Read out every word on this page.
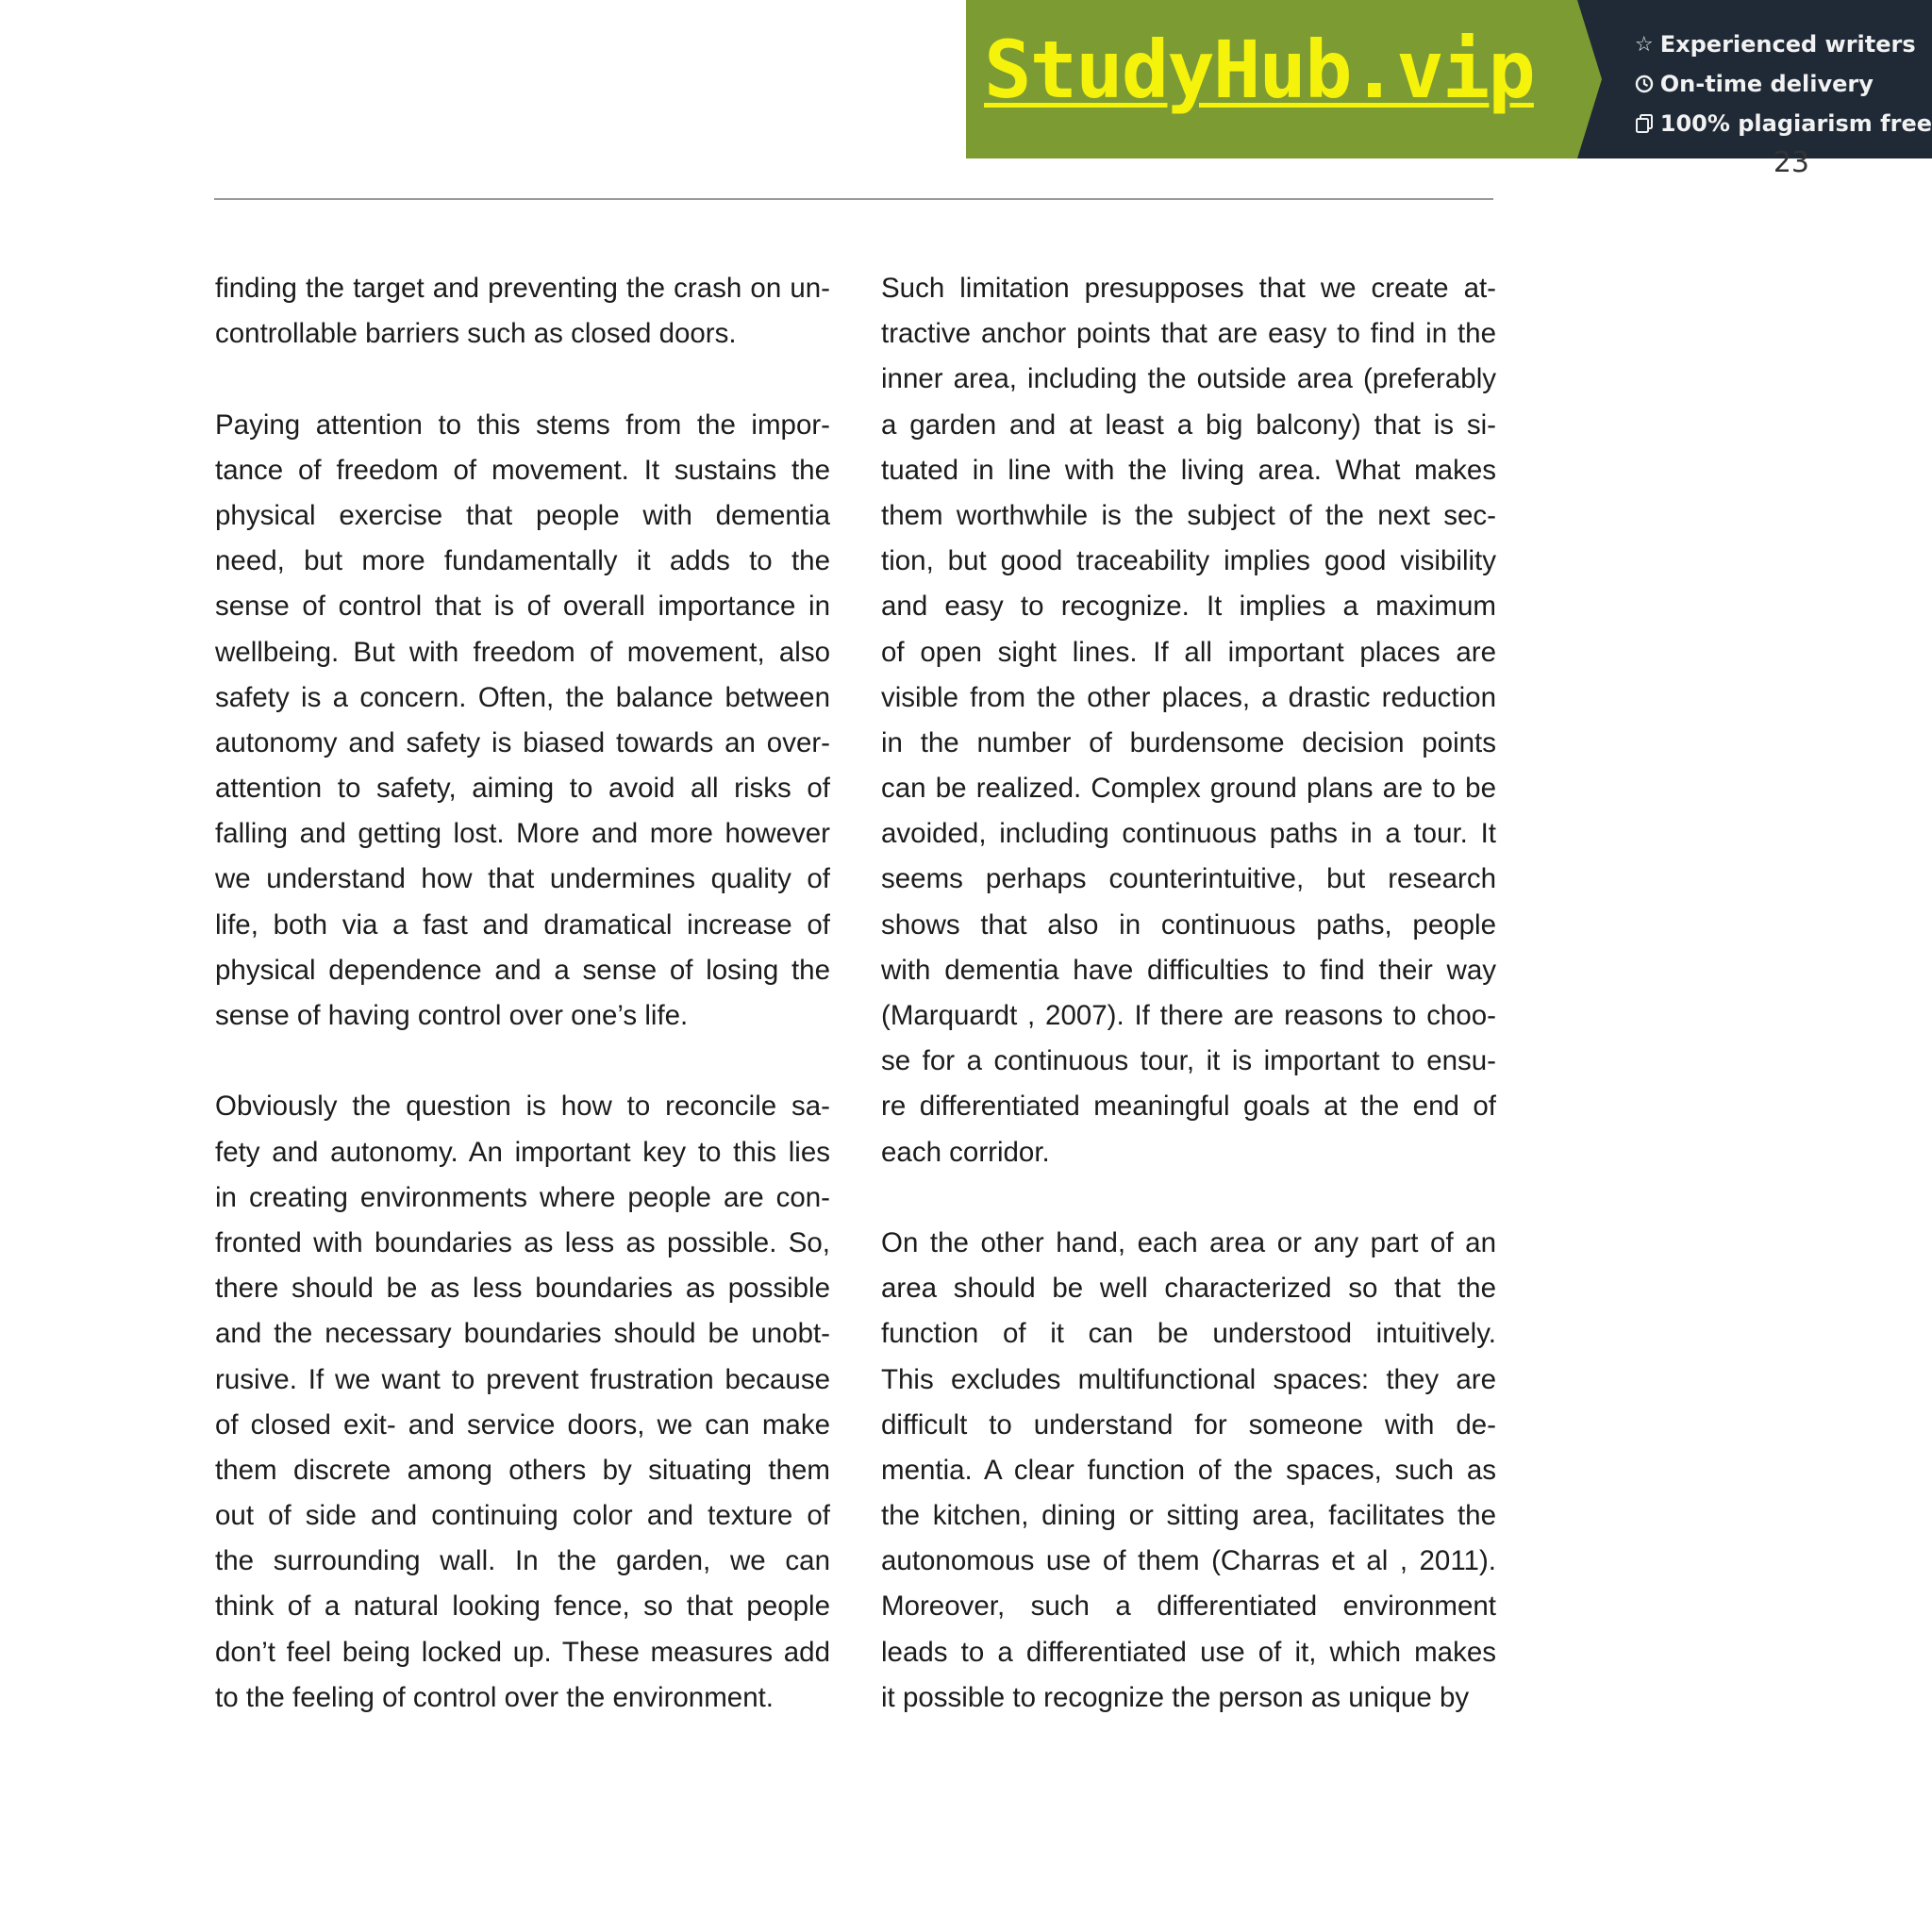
StudyHub.vip	☆ Experienced writers
On-time delivery
100% plagiarism free
23
finding the target and preventing the crash on un-
controllable barriers such as closed doors.
Paying attention to this stems from the impor-
tance of freedom of movement. It sustains the
physical exercise that people with dementia
need, but more fundamentally it adds to the
sense of control that is of overall importance in
wellbeing. But with freedom of movement, also
safety is a concern. Often, the balance between
autonomy and safety is biased towards an over-
attention to safety, aiming to avoid all risks of
falling and getting lost. More and more however
we understand how that undermines quality of
life, both via a fast and dramatical increase of
physical dependence and a sense of losing the
sense of having control over one’s life.
Obviously the question is how to reconcile sa-
fety and autonomy. An important key to this lies
in creating environments where people are con-
fronted with boundaries as less as possible. So,
there should be as less boundaries as possible
and the necessary boundaries should be unobt-
rusive. If we want to prevent frustration because
of closed exit- and service doors, we can make
them discrete among others by situating them
out of side and continuing color and texture of
the surrounding wall. In the garden, we can
think of a natural looking fence, so that people
don’t feel being locked up. These measures add
to the feeling of control over the environment.
Such limitation presupposes that we create at-
tractive anchor points that are easy to find in the
inner area, including the outside area (preferably
a garden and at least a big balcony) that is si-
tuated in line with the living area. What makes
them worthwhile is the subject of the next sec-
tion, but good traceability implies good visibility
and easy to recognize. It implies a maximum
of open sight lines. If all important places are
visible from the other places, a drastic reduction
in the number of burdensome decision points
can be realized. Complex ground plans are to be
avoided, including continuous paths in a tour. It
seems perhaps counterintuitive, but research
shows that also in continuous paths, people
with dementia have difficulties to find their way
(Marquardt , 2007). If there are reasons to choo-
se for a continuous tour, it is important to ensu-
re differentiated meaningful goals at the end of
each corridor.
On the other hand, each area or any part of an
area should be well characterized so that the
function of it can be understood intuitively.
This excludes multifunctional spaces: they are
difficult to understand for someone with de-
mentia. A clear function of the spaces, such as
the kitchen, dining or sitting area, facilitates the
autonomous use of them (Charras et al , 2011).
Moreover, such a differentiated environment
leads to a differentiated use of it, which makes
it possible to recognize the person as unique by
